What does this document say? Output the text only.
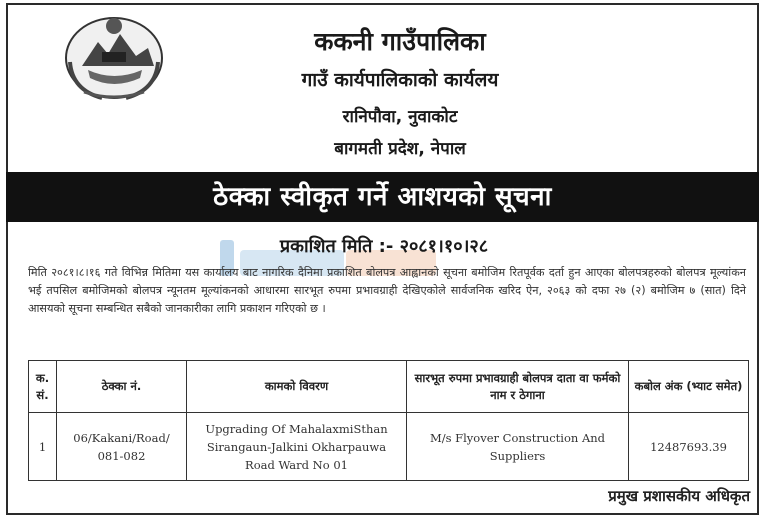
ककनी गाउँपालिका
गाउँ कार्यपालिकाको कार्यलय
रानिपौवा, नुवाकोट
बागमती प्रदेश, नेपाल
ठेक्का स्वीकृत गर्ने आशयको सूचना
प्रकाशित मिति :- २०८१।१०।२८
मिति २०८१।८।१६ गते विभिन्न मितिमा यस कार्यालय बाट नागरिक दैनिमा प्रकाशित बोलपत्र आह्वानको सूचना बमोजिम रितपूर्वक दर्ता हुन आएका बोलपत्रहरुको बोलपत्र मूल्यांकन भई तपसिल बमोजिमको बोलपत्र न्यूनतम मूल्यांकनको आधारमा सारभूत रुपमा प्रभावग्राही देखिएकोले सार्वजनिक खरिद ऐन, २०६३ को दफा २७ (२) बमोजिम ७ (सात) दिने आसयको सूचना सम्बन्धित सबैको जानकारीका लागि प्रकाशन गरिएको छ ।
क. सं.	ठेक्का नं.	कामको विवरण	सारभूत रुपमा प्रभावग्राही बोलपत्र दाता वा फर्मको नाम र ठेगाना	कबोल अंक (भ्याट समेत)
1	06/Kakani/Road/ 081-082	Upgrading Of MahalaxmiSthan Sirangaun-Jalkini Okharpauwa Road Ward No 01	M/s Flyover Construction And Suppliers	12487693.39
प्रमुख प्रशासकीय अधिकृत
